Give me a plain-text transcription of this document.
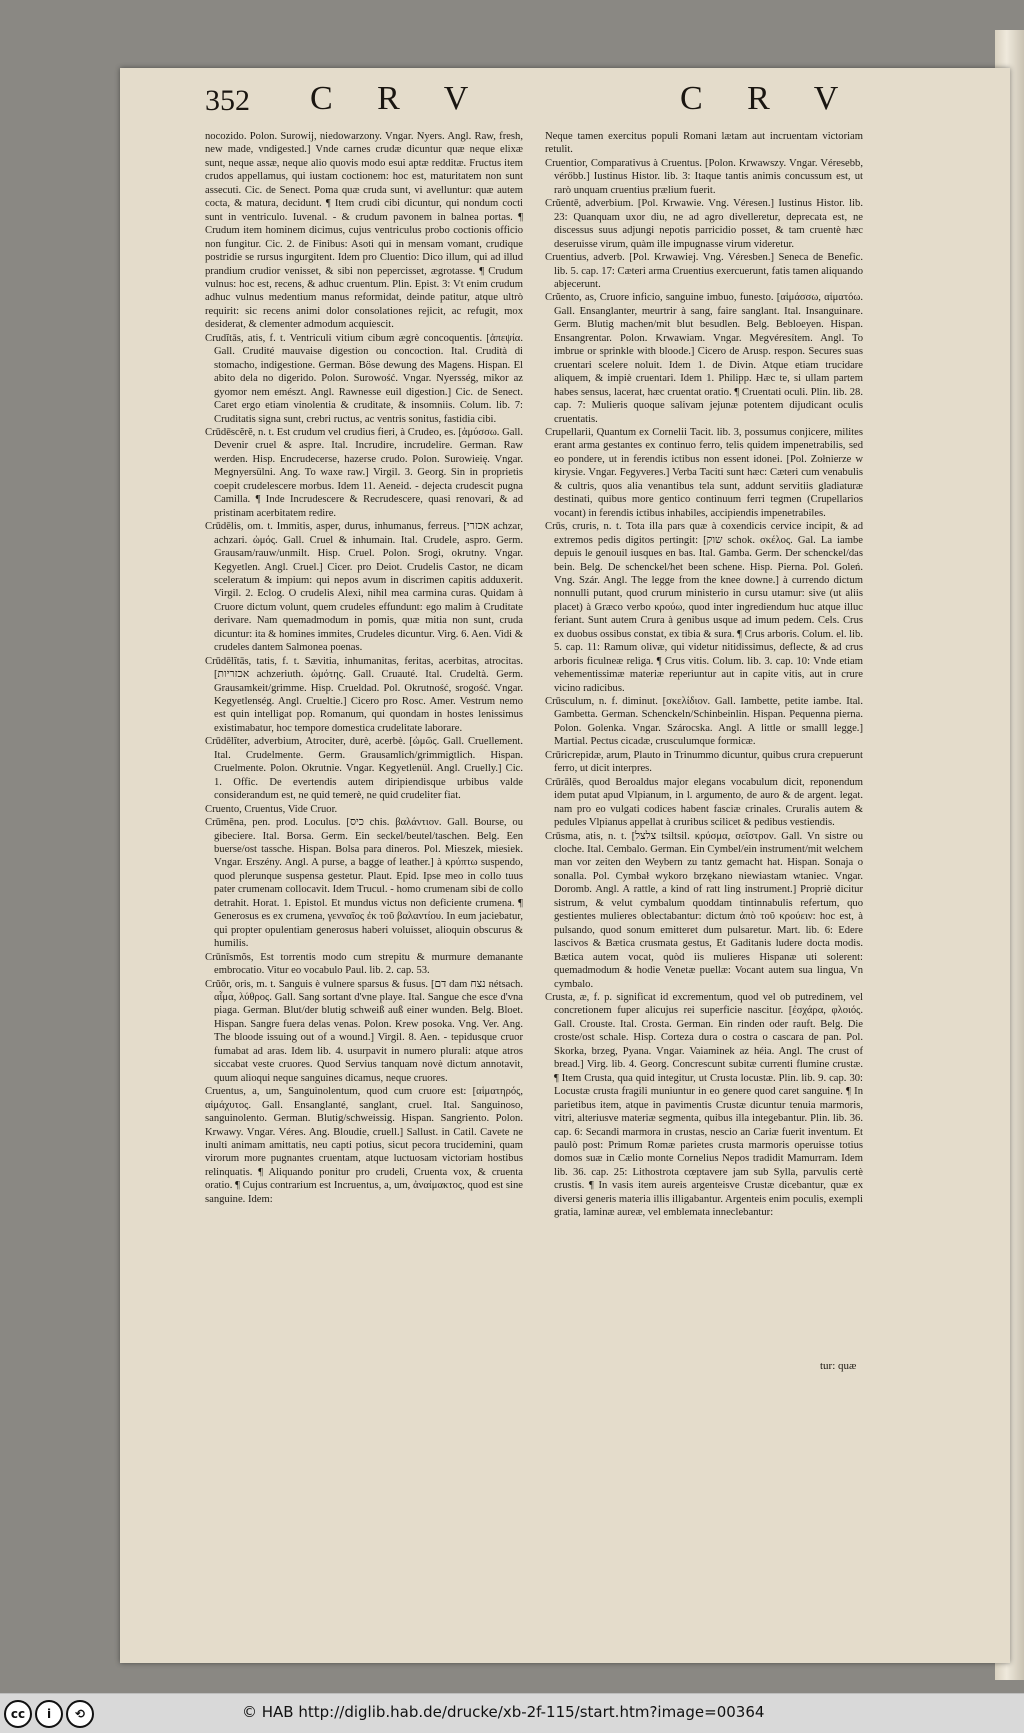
352 C R V	C R V

nocozido. Polon. Surowij, niedowarzony. Vngar. Nyers. Angl. Raw, fresh, new made, vndigested.] Vnde carnes crudæ dicuntur quæ neque elixæ sunt, neque assæ, neque alio quovis modo esui aptæ redditæ. Fructus item crudos appellamus, qui iustam coctionem: hoc est, maturitatem non sunt assecuti. Cic. de Senect. Poma quæ cruda sunt, vi avelluntur: quæ autem cocta, & matura, decidunt. ¶ Item crudi cibi dicuntur, qui nondum cocti sunt in ventriculo. Iuvenal. - & crudum pavonem in balnea portas. ¶ Crudum item hominem dicimus, cujus ventriculus probo coctionis officio non fungitur. Cic. 2. de Finibus: Asoti qui in mensam vomant, crudique postridie se rursus ingurgitent. Idem pro Cluentio: Dico illum, qui ad illud prandium crudior venisset, & sibi non pepercisset, ægrotasse. ¶ Crudum vulnus: hoc est, recens, & adhuc cruentum. Plin. Epist. 3: Vt enim crudum adhuc vulnus medentium manus reformidat, deinde patitur, atque ultrò requirit: sic recens animi dolor consolationes rejicit, ac refugit, mox desiderat, & clementer admodum acquiescit.

Crudĭtās, atis, f. t. Ventriculi vitium cibum ægrè concoquentis. [ἀπεψία. Gall. Crudité mauvaise digestion ou concoction. Ital. Crudità di stomacho, indigestione. German. Böse dewung des Magens. Hispan. El abito dela no digerido. Polon. Surowość. Vngar. Nyersség, mikor az gyomor nem emészt. Angl. Rawnesse euil digestion.] Cic. de Senect. Caret ergo etiam vinolentia & cruditate, & insomniis. Colum. lib. 7: Cruditatis signa sunt, crebri ructus, ac ventris sonitus, fastidia cibi.

Crūdēscĕrĕ, n. t. Est crudum vel crudius fieri, à Crudeo, es. [ἀμύσσω. Gall. Devenir cruel & aspre. Ital. Incrudire, incrudelire. German. Raw werden. Hisp. Encrudecerse, hazerse crudo. Polon. Surowieię. Vngar. Megnyersülni. Ang. To waxe raw.] Virgil. 3. Georg. Sin in proprietis coepit crudelescere morbus. Idem 11. Aeneid. - dejecta crudescit pugna Camilla. ¶ Inde Incrudescere & Recrudescere, quasi renovari, & ad pristinam acerbitatem redire.

Crūdēlis, om. t. Immitis, asper, durus, inhumanus, ferreus. [אכזרי achzar, achzari. ὠμός. Gall. Cruel & inhumain. Ital. Crudele, aspro. Germ. Grausam/rauw/unmilt. Hisp. Cruel. Polon. Srogi, okrutny. Vngar. Kegyetlen. Angl. Cruel.] Cicer. pro Deiot. Crudelis Castor, ne dicam sceleratum & impium: qui nepos avum in discrimen capitis adduxerit. Virgil. 2. Eclog. O crudelis Alexi, nihil mea carmina curas. Quidam à Cruore dictum volunt, quem crudeles effundunt: ego malim à Cruditate derivare. Nam quemadmodum in pomis, quæ mitia non sunt, cruda dicuntur: ita & homines immites, Crudeles dicuntur. Virg. 6. Aen. Vidi & crudeles dantem Salmonea poenas.

Crūdēlĭtās, tatis, f. t. Sævitia, inhumanitas, feritas, acerbitas, atrocitas. [אכזריות achzeriuth. ὠμότης. Gall. Cruauté. Ital. Crudeltà. Germ. Grausamkeit/grimme. Hisp. Crueldad. Pol. Okrutność, srogość. Vngar. Kegyetlenség. Angl. Crueltie.] Cicero pro Rosc. Amer. Vestrum nemo est quin intelligat pop. Romanum, qui quondam in hostes lenissimus existimabatur, hoc tempore domestica crudelitate laborare.

Crūdēlĭter, adverbium, Atrociter, durè, acerbè. [ὠμῶς. Gall. Cruellement. Ital. Crudelmente. Germ. Grausamlich/grimmigtlich. Hispan. Cruelmente. Polon. Okrutnie. Vngar. Kegyetlenül. Angl. Cruelly.] Cic. 1. Offic. De evertendis autem diripiendisque urbibus valde considerandum est, ne quid temerè, ne quid crudeliter fiat.

Cruento, Cruentus, Vide Cruor.

Crūmēna, pen. prod. Loculus. [כיס chis. βαλάντιον. Gall. Bourse, ou gibeciere. Ital. Borsa. Germ. Ein seckel/beutel/taschen. Belg. Een buerse/ost tassche. Hispan. Bolsa para dineros. Pol. Mieszek, miesiek. Vngar. Erszény. Angl. A purse, a bagge of leather.] à κρύπτω suspendo, quod plerunque suspensa gestetur. Plaut. Epid. Ipse meo in collo tuus pater crumenam collocavit. Idem Trucul. - homo crumenam sibi de collo detrahit. Horat. 1. Epistol. Et mundus victus non deficiente crumena. ¶ Generosus es ex crumena, γενναῖος ἐκ τοῦ βαλαντίου. In eum jaciebatur, qui propter opulentiam generosus haberi voluisset, alioquin obscurus & humilis.

Crūnīsmŏs, Est torrentis modo cum strepitu & murmure demanante embrocatio. Vitur eo vocabulo Paul. lib. 2. cap. 53.

Crŭŏr, oris, m. t. Sanguis è vulnere sparsus & fusus. [דם dam נצח nétsach. αἷμα, λύθρος. Gall. Sang sortant d'vne playe. Ital. Sangue che esce d'vna piaga. German. Blut/der blutig schweiß auß einer wunden. Belg. Bloet. Hispan. Sangre fuera delas venas. Polon. Krew posoka. Vng. Ver. Ang. The bloode issuing out of a wound.] Virgil. 8. Aen. - tepidusque cruor fumabat ad aras. Idem lib. 4. usurpavit in numero plurali: atque atros siccabat veste cruores. Quod Servius tanquam novè dictum annotavit, quum alioqui neque sanguines dicamus, neque cruores.

Cruentus, a, um, Sanguinolentum, quod cum cruore est: [αἱματηρός, αἱμάχυτος. Gall. Ensanglanté, sanglant, cruel. Ital. Sanguinoso, sanguinolento. German. Blutig/schweissig. Hispan. Sangriento. Polon. Krwawy. Vngar. Véres. Ang. Bloudie, cruell.] Sallust. in Catil. Cavete ne inulti animam amittatis, neu capti potius, sicut pecora trucidemini, quam virorum more pugnantes cruentam, atque luctuosam victoriam hostibus relinquatis. ¶ Aliquando ponitur pro crudeli, Cruenta vox, & cruenta oratio. ¶ Cujus contrarium est Incruentus, a, um, ἀναίμακτος, quod est sine sanguine. Idem:

Neque tamen exercitus populi Romani lætam aut incruentam victoriam retulit.

Cruentior, Comparativus à Cruentus. [Polon. Krwawszy. Vngar. Véresebb, vérőbb.] Iustinus Histor. lib. 3: Itaque tantis animis concussum est, ut rarò unquam cruentius prælium fuerit.

Crŭentē, adverbium. [Pol. Krwawie. Vng. Véresen.] Iustinus Histor. lib. 23: Quanquam uxor diu, ne ad agro divelleretur, deprecata est, ne discessus suus adjungi nepotis parricidio posset, & tam cruentè hæc deseruisse virum, quàm ille impugnasse virum videretur.

Cruentius, adverb. [Pol. Krwawiej. Vng. Véresben.] Seneca de Benefic. lib. 5. cap. 17: Cæteri arma Cruentius exercuerunt, fatis tamen aliquando abjecerunt.

Crŭento, as, Cruore inficio, sanguine imbuo, funesto. [αἱμάσσω, αἱματόω. Gall. Ensanglanter, meurtrir à sang, faire sanglant. Ital. Insanguinare. Germ. Blutig machen/mit blut besudlen. Belg. Bebloeyen. Hispan. Ensangrentar. Polon. Krwawiam. Vngar. Megvéresítem. Angl. To imbrue or sprinkle with bloode.] Cicero de Arusp. respon. Secures suas cruentari scelere noluit. Idem 1. de Divin. Atque etiam trucidare aliquem, & impiè cruentari. Idem 1. Philipp. Hæc te, si ullam partem habes sensus, lacerat, hæc cruentat oratio. ¶ Cruentati oculi. Plin. lib. 28. cap. 7: Mulieris quoque salivam jejunæ potentem dijudicant oculis cruentatis.

Crupellarii, Quantum ex Cornelii Tacit. lib. 3, possumus conjicere, milites erant arma gestantes ex continuo ferro, telis quidem impenetrabilis, sed eo pondere, ut in ferendis ictibus non essent idonei. [Pol. Zołnierze w kirysie. Vngar. Fegyveres.] Verba Taciti sunt hæc: Cæteri cum venabulis & cultris, quos alia venantibus tela sunt, addunt servitiis gladiaturæ destinati, quibus more gentico continuum ferri tegmen (Crupellarios vocant) in ferendis ictibus inhabiles, accipiendis impenetrabiles.

Crūs, cruris, n. t. Tota illa pars quæ à coxendicis cervice incipit, & ad extremos pedis digitos pertingit: [שוק schok. σκέλος. Gal. La iambe depuis le genouil iusques en bas. Ital. Gamba. Germ. Der schenckel/das bein. Belg. De schenckel/het been schene. Hisp. Pierna. Pol. Goleń. Vng. Szár. Angl. The legge from the knee downe.] à currendo dictum nonnulli putant, quod crurum ministerio in cursu utamur: sive (ut aliis placet) à Græco verbo κρούω, quod inter ingrediendum huc atque illuc feriant. Sunt autem Crura à genibus usque ad imum pedem. Cels. Crus ex duobus ossibus constat, ex tibia & sura. ¶ Crus arboris. Colum. el. lib. 5. cap. 11: Ramum olivæ, qui videtur nitidissimus, deflecte, & ad crus arboris ficulneæ religa. ¶ Crus vitis. Colum. lib. 3. cap. 10: Vnde etiam vehementissimæ materiæ reperiuntur aut in capite vitis, aut in crure vicino radicibus.

Crūsculum, n. f. diminut. [σκελίδιον. Gall. Iambette, petite iambe. Ital. Gambetta. German. Schenckeln/Schinbeinlin. Hispan. Pequenna pierna. Polon. Golenka. Vngar. Szárocska. Angl. A little or smalll legge.] Martial. Pectus cicadæ, crusculumque formicæ.

Crūricrepidæ, arum, Plauto in Trinummo dicuntur, quibus crura crepuerunt ferro, ut dicit interpres.

Crūrālēs, quod Beroaldus major elegans vocabulum dicit, reponendum idem putat apud Vlpianum, in l. argumento, de auro & de argent. legat. nam pro eo vulgati codices habent fasciæ crinales. Cruralis autem & pedules Vlpianus appellat à cruribus scilicet & pedibus vestiendis.

Crūsma, atis, n. t. [צלצל tsiltsil. κρύσμα, σεῖστρον. Gall. Vn sistre ou cloche. Ital. Cembalo. German. Ein Cymbel/ein instrument/mit welchem man vor zeiten den Weybern zu tantz gemacht hat. Hispan. Sonaja o sonalla. Pol. Cymbał wykoro brzękano niewiastam wtaniec. Vngar. Doromb. Angl. A rattle, a kind of ratt ling instrument.] Propriè dicitur sistrum, & velut cymbalum quoddam tintinnabulis refertum, quo gestientes mulieres oblectabantur: dictum ἀπὸ τοῦ κρούειν: hoc est, à pulsando, quod sonum emitteret dum pulsaretur. Mart. lib. 6: Edere lascivos & Bætica crusmata gestus, Et Gaditanis ludere docta modis. Bætica autem vocat, quòd iis mulieres Hispanæ uti solerent: quemadmodum & hodie Venetæ puellæ: Vocant autem sua lingua, Vn cymbalo.

Crusta, æ, f. p. significat id excrementum, quod vel ob putredinem, vel concretionem fuper alicujus rei superficie nascitur. [ἐσχάρα, φλοιός. Gall. Crouste. Ital. Crosta. German. Ein rinden oder rauft. Belg. Die croste/ost schale. Hisp. Corteza dura o costra o cascara de pan. Pol. Skorka, brzeg, Pyana. Vngar. Vaiaminek az héia. Angl. The crust of bread.] Virg. lib. 4. Georg. Concrescunt subitæ currenti flumine crustæ. ¶ Item Crusta, qua quid integitur, ut Crusta locustæ. Plin. lib. 9. cap. 30: Locustæ crusta fragili muniuntur in eo genere quod caret sanguine. ¶ In parietibus item, atque in pavimentis Crustæ dicuntur tenuia marmoris, vitri, alteriusve materiæ segmenta, quibus illa integebantur. Plin. lib. 36. cap. 6: Secandi marmora in crustas, nescio an Cariæ fuerit inventum. Et paulò post: Primum Romæ parietes crusta marmoris operuisse totius domos suæ in Cælio monte Cornelius Nepos tradidit Mamurram. Idem lib. 36. cap. 25: Lithostrota cœptavere jam sub Sylla, parvulis certè crustis. ¶ In vasis item aureis argenteisve Crustæ dicebantur, quæ ex diversi generis materia illis illigabantur. Argenteis enim poculis, exempli gratia, laminæ aureæ, vel emblemata inneclebantur:

tur: quæ
cc	i	⟲	© HAB http://diglib.hab.de/drucke/xb-2f-115/start.htm?image=00364
